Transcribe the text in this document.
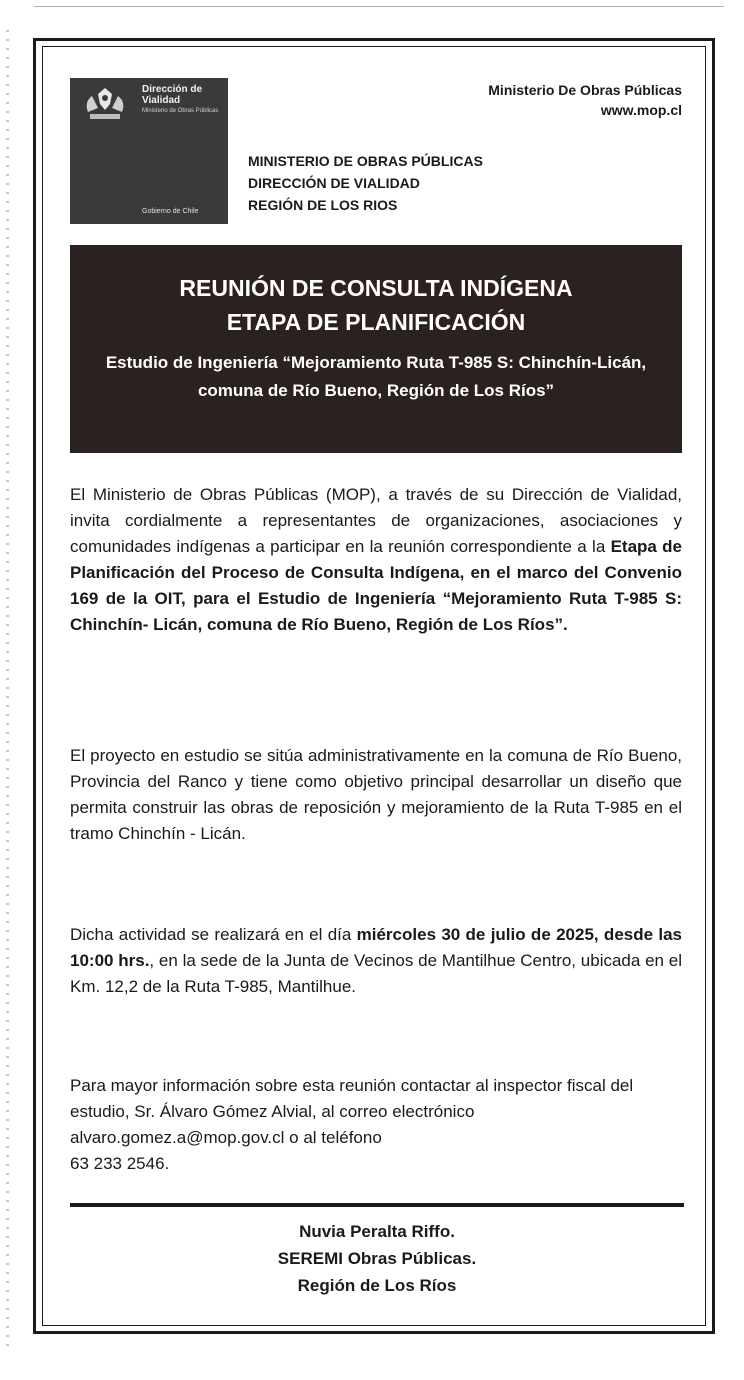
Dirección de
Vialidad
Ministerio de Obras Públicas
Gobierno de Chile
Ministerio De Obras Públicas
www.mop.cl
MINISTERIO DE OBRAS PÚBLICAS
DIRECCIÓN DE VIALIDAD
REGIÓN DE LOS RIOS
REUNIÓN DE CONSULTA INDÍGENA
ETAPA DE PLANIFICACIÓN
Estudio de Ingeniería “Mejoramiento Ruta T-985 S: Chinchín-Licán, comuna de Río Bueno, Región de Los Ríos”

El Ministerio de Obras Públicas (MOP), a través de su Dirección de Vialidad, invita cordialmente a representantes de organizaciones, asociaciones y comunidades indígenas a participar en la reunión correspondiente a la Etapa de Planificación del Proceso de Consulta Indígena, en el marco del Convenio 169 de la OIT, para el Estudio de Ingeniería “Mejoramiento Ruta T-985 S: Chinchín- Licán, comuna de Río Bueno, Región de Los Ríos”.

El proyecto en estudio se sitúa administrativamente en la comuna de Río Bueno, Provincia del Ranco y tiene como objetivo principal desarrollar un diseño que permita construir las obras de reposición y mejoramiento de la Ruta T-985 en el tramo Chinchín - Licán.

Dicha actividad se realizará en el día miércoles 30 de julio de 2025, desde las 10:00 hrs., en la sede de la Junta de Vecinos de Mantilhue Centro, ubicada en el Km. 12,2 de la Ruta T-985, Mantilhue.

Para mayor información sobre esta reunión contactar al inspector fiscal del estudio, Sr. Álvaro Gómez Alvial, al correo electrónico alvaro.gomez.a@mop.gov.cl o al teléfono
63 233 2546.

Nuvia Peralta Riffo.
SEREMI Obras Públicas.
Región de Los Ríos
